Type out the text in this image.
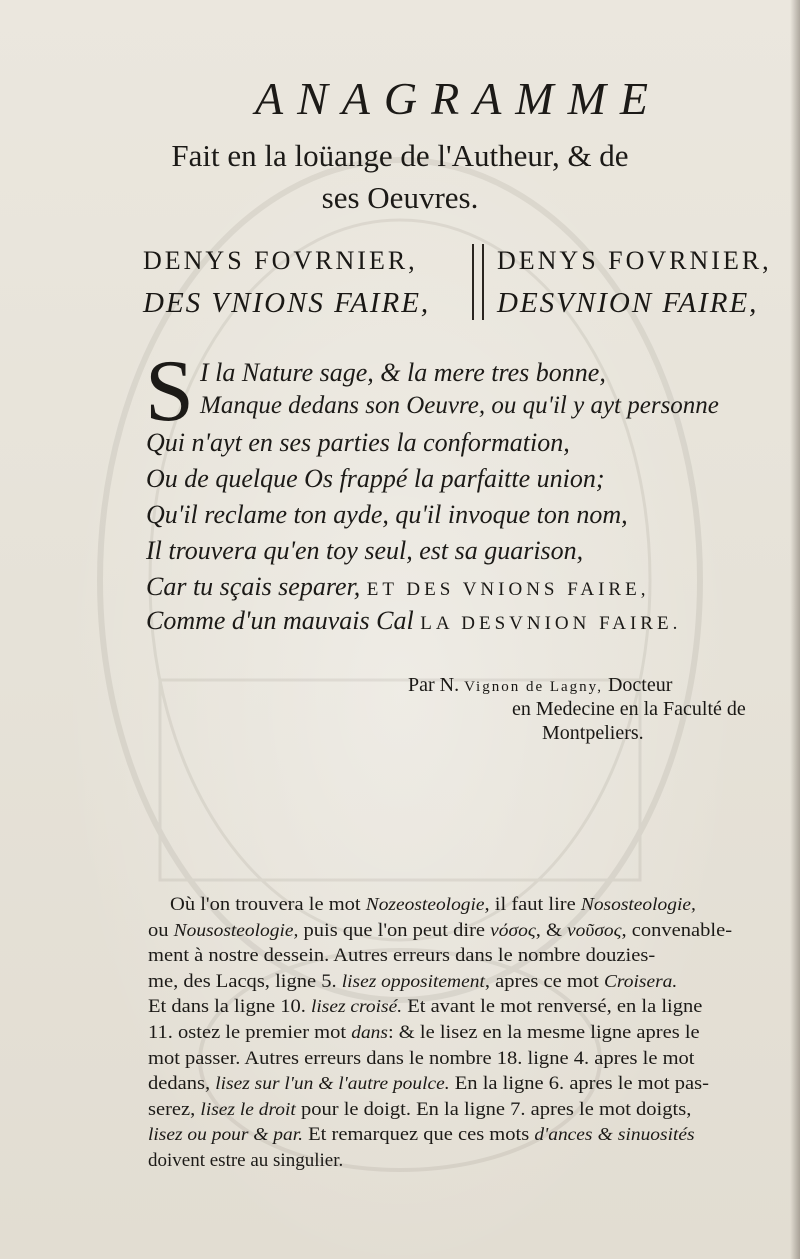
ANAGRAMME
Fait en la loüange de l'Autheur, & de
ses Oeuvres.
DENYS FOVRNIER,
DES VNIONS FAIRE,
DENYS FOVRNIER,
DESVNION FAIRE,
S I la Nature sage, & la mere tres bonne,
Manque dedans son Oeuvre, ou qu'il y ayt personne
Qui n'ayt en ses parties la conformation,
Ou de quelque Os frappé la parfaitte union;
Qu'il reclame ton ayde, qu'il invoque ton nom,
Il trouvera qu'en toy seul, est sa guarison,
Car tu sçais separer, ET DES VNIONS FAIRE,
Comme d'un mauvais Cal LA DESVNION FAIRE.
Par N. Vignon de Lagny, Docteur
en Medecine en la Faculté de
Montpeliers.
Où l'on trouvera le mot Nozeosteologie, il faut lire Nososteologie,
ou Nousosteologie, puis que l'on peut dire νόσος, & νοῦσος, convenable-
ment à nostre dessein. Autres erreurs dans le nombre douzies-
me, des Lacqs, ligne 5. lisez oppositement, apres ce mot Croisera.
Et dans la ligne 10. lisez croisé. Et avant le mot renversé, en la ligne
11. ostez le premier mot dans: & le lisez en la mesme ligne apres le
mot passer. Autres erreurs dans le nombre 18. ligne 4. apres le mot
dedans, lisez sur l'un & l'autre poulce. En la ligne 6. apres le mot pas-
serez, lisez le droit pour le doigt. En la ligne 7. apres le mot doigts,
lisez ou pour & par. Et remarquez que ces mots d'ances & sinuosités
doivent estre au singulier.
